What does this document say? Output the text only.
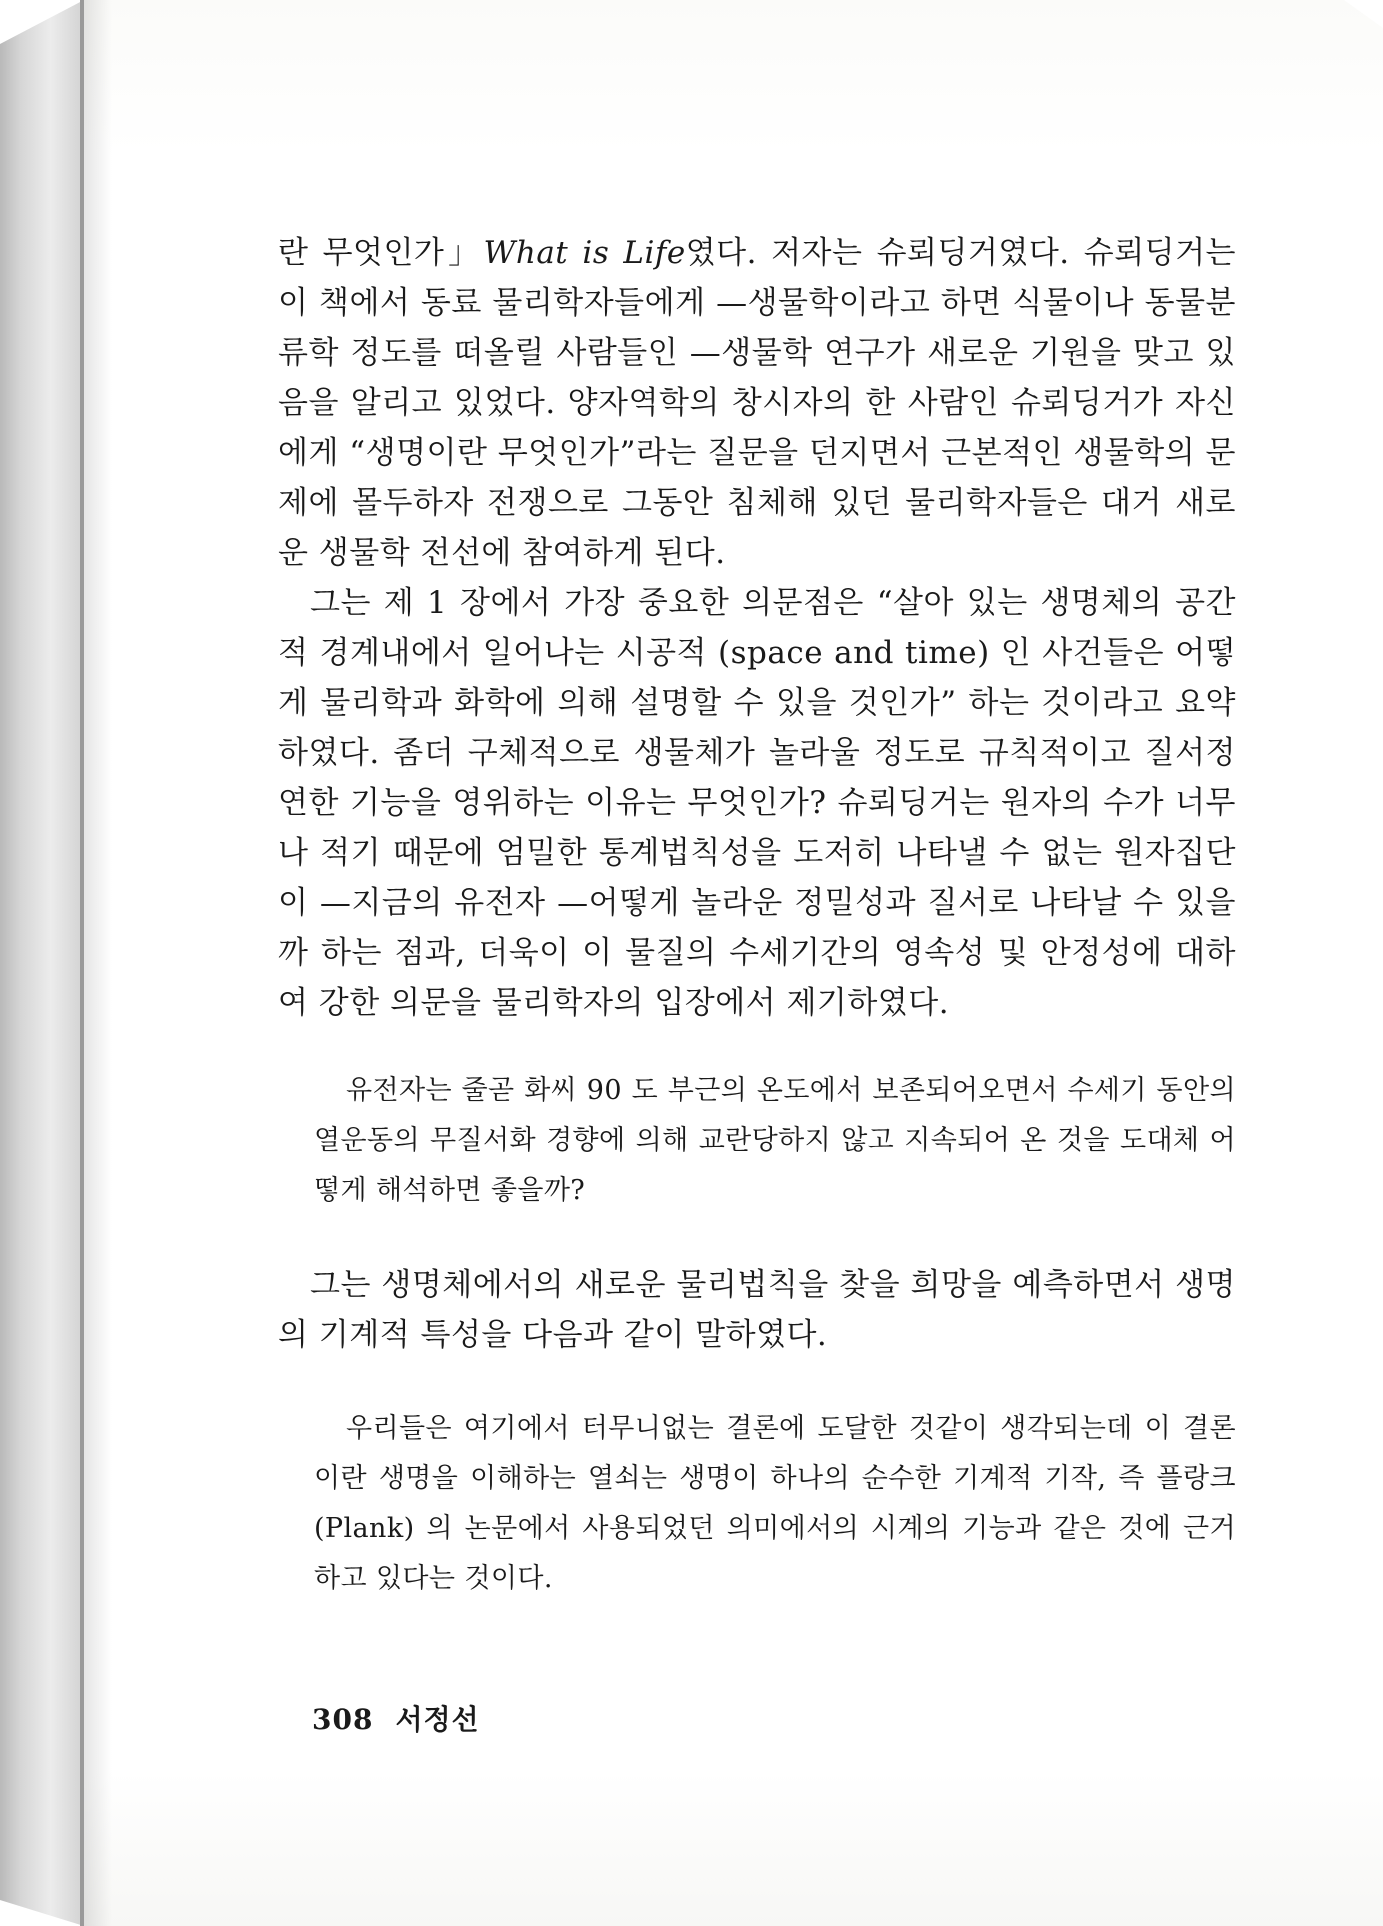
란 무엇인가」What is Life였다. 저자는 슈뢰딩거였다. 슈뢰딩거는 이 책에서 동료 물리학자들에게 —생물학이라고 하면 식물이나 동물분류학 정도를 떠올릴 사람들인 —생물학 연구가 새로운 기원을 맞고 있음을 알리고 있었다. 양자역학의 창시자의 한 사람인 슈뢰딩거가 자신에게 “생명이란 무엇인가”라는 질문을 던지면서 근본적인 생물학의 문제에 몰두하자 전쟁으로 그동안 침체해 있던 물리학자들은 대거 새로운 생물학 전선에 참여하게 된다.

그는 제 1 장에서 가장 중요한 의문점은 “살아 있는 생명체의 공간적 경계내에서 일어나는 시공적 (space and time) 인 사건들은 어떻게 물리학과 화학에 의해 설명할 수 있을 것인가” 하는 것이라고 요약하였다. 좀더 구체적으로 생물체가 놀라울 정도로 규칙적이고 질서정연한 기능을 영위하는 이유는 무엇인가? 슈뢰딩거는 원자의 수가 너무나 적기 때문에 엄밀한 통계법칙성을 도저히 나타낼 수 없는 원자집단이 —지금의 유전자 —어떻게 놀라운 정밀성과 질서로 나타날 수 있을까 하는 점과, 더욱이 이 물질의 수세기간의 영속성 및 안정성에 대하여 강한 의문을 물리학자의 입장에서 제기하였다.

유전자는 줄곧 화씨 90 도 부근의 온도에서 보존되어오면서 수세기 동안의 열운동의 무질서화 경향에 의해 교란당하지 않고 지속되어 온 것을 도대체 어떻게 해석하면 좋을까?

그는 생명체에서의 새로운 물리법칙을 찾을 희망을 예측하면서 생명의 기계적 특성을 다음과 같이 말하였다.

우리들은 여기에서 터무니없는 결론에 도달한 것같이 생각되는데 이 결론이란 생명을 이해하는 열쇠는 생명이 하나의 순수한 기계적 기작, 즉 플랑크 (Plank) 의 논문에서 사용되었던 의미에서의 시계의 기능과 같은 것에 근거하고 있다는 것이다.

308 서정선
